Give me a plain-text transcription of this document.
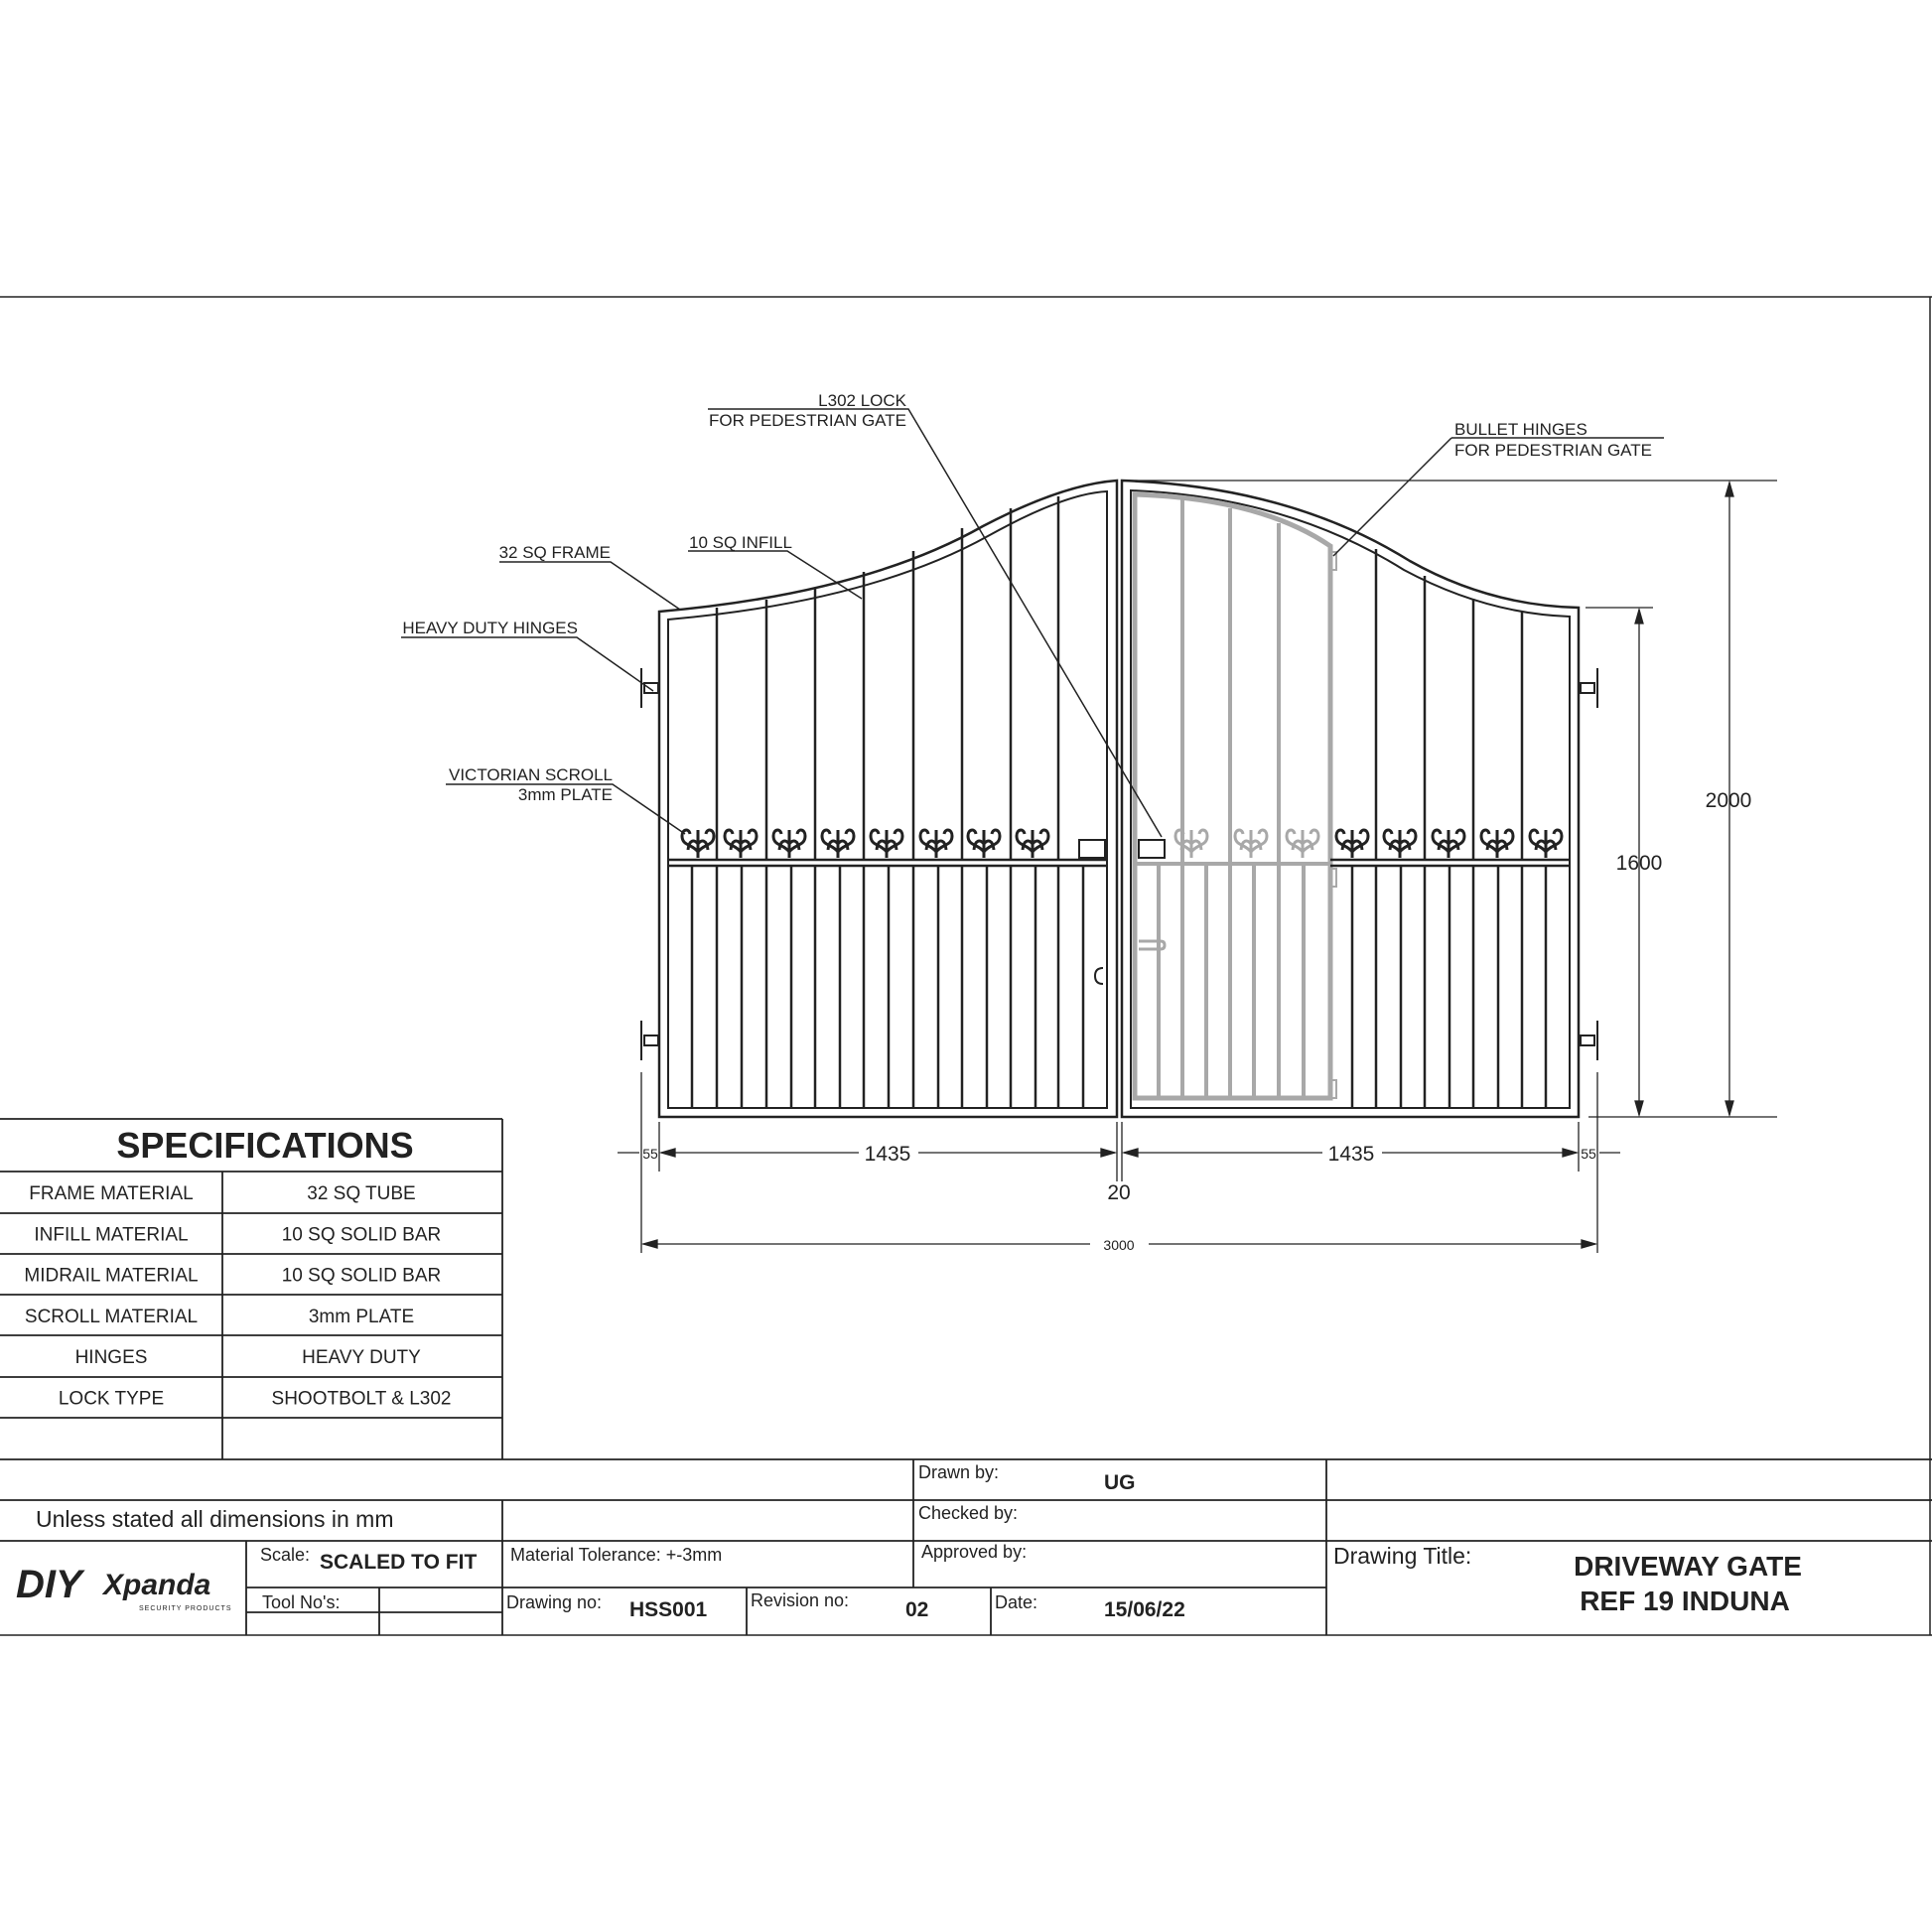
L302 LOCK
FOR PEDESTRIAN GATE	BULLET HINGES
FOR PEDESTRIAN GATE
32 SQ FRAME
10 SQ INFILL
HEAVY DUTY HINGES
VICTORIAN SCROLL
3mm PLATE	2000
1600
1435	1435
20
55	55
3000
SPECIFICATIONS
FRAME MATERIAL	32 SQ TUBE
INFILL MATERIAL	10 SQ SOLID BAR
MIDRAIL MATERIAL	10 SQ SOLID BAR
SCROLL MATERIAL	3mm PLATE
HINGES	HEAVY DUTY
LOCK TYPE	SHOOTBOLT & L302
Unless stated all dimensions in mm
Scale: SCALED TO FIT Material Tolerance: +-3mm
Tool No's:	Drawing no: HSS001 Revision no:	02	Date:	15/06/22
Drawn by:	UG
Checked by:
Approved by:	Drawing Title:	DRIVEWAY GATE
REF 19 INDUNA
DIY Xpanda
SECURITY PRODUCTS
